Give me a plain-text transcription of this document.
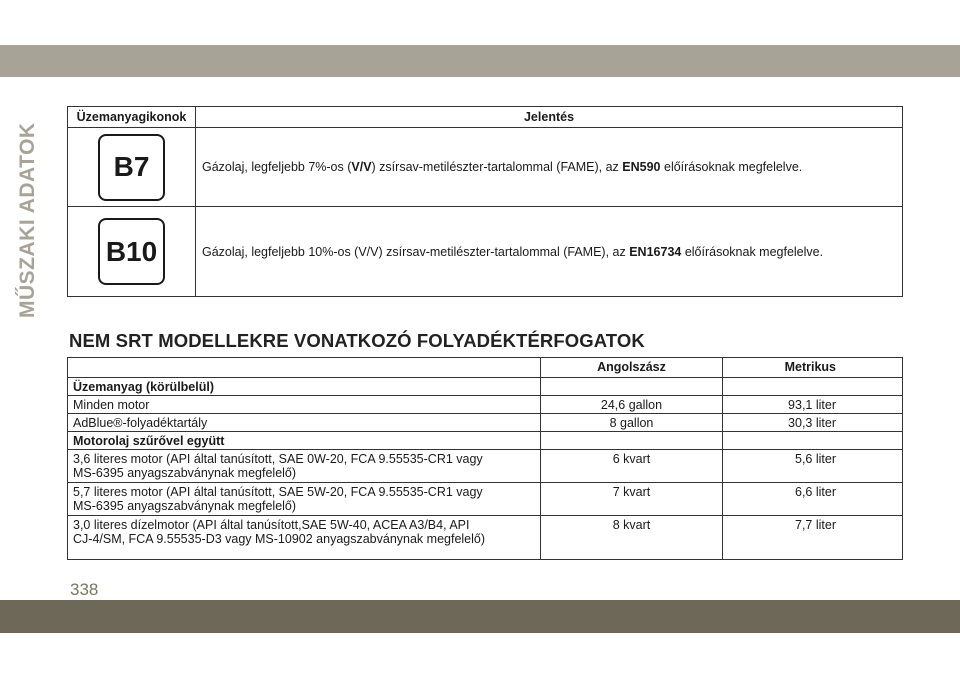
MŰSZAKI ADATOK
Üzemanyagikonok	Jelentés
B7	Gázolaj, legfeljebb 7%-os (V/V) zsírsav-metilészter-tartalommal (FAME), az EN590 előírásoknak megfelelve.
B10	Gázolaj, legfeljebb 10%-os (V/V) zsírsav-metilészter-tartalommal (FAME), az EN16734 előírásoknak megfelelve.
NEM SRT MODELLEKRE VONATKOZÓ FOLYADÉKTÉRFOGATOK
	Angolszász	Metrikus
Üzemanyag (körülbelül)		
Minden motor	24,6 gallon	93,1 liter
AdBlue®-folyadéktartály	8 gallon	30,3 liter
Motorolaj szűrővel együtt		
3,6 literes motor (API által tanúsított, SAE 0W-20, FCA 9.55535-CR1 vagy
MS-6395 anyagszabványnak megfelelő)	6 kvart	5,6 liter
5,7 literes motor (API által tanúsított, SAE 5W-20, FCA 9.55535-CR1 vagy
MS-6395 anyagszabványnak megfelelő)	7 kvart	6,6 liter
3,0 literes dízelmotor (API által tanúsított,SAE 5W-40, ACEA A3/B4, API
CJ-4/SM, FCA 9.55535-D3 vagy MS-10902 anyagszabványnak megfelelő)	8 kvart	7,7 liter
338
